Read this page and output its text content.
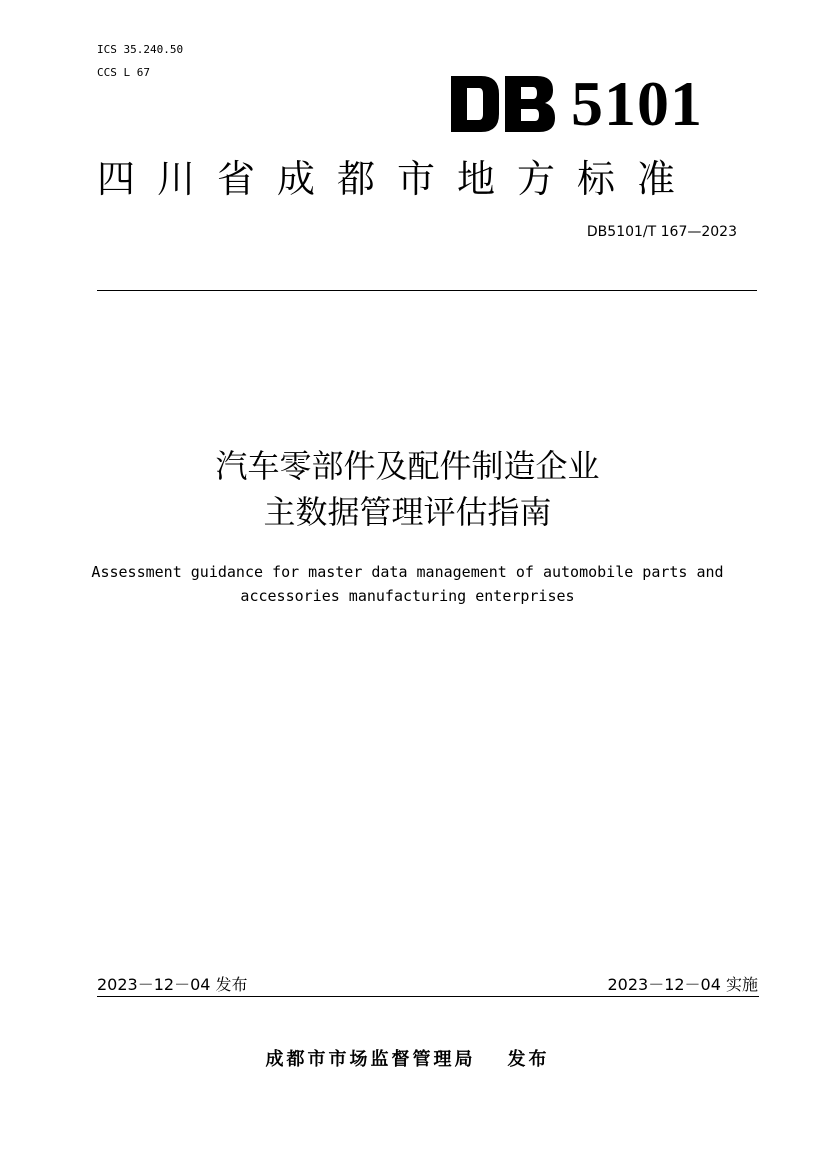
ICS 35.240.50
CCS L 67	5101
四川省成都市地方标准
DB5101/T 167—2023
汽车零部件及配件制造企业
主数据管理评估指南
Assessment guidance for master data management of automobile parts and
accessories manufacturing enterprises
2023－12－04 发布	2023－12－04 实施
成都市市场监督管理局 发布
